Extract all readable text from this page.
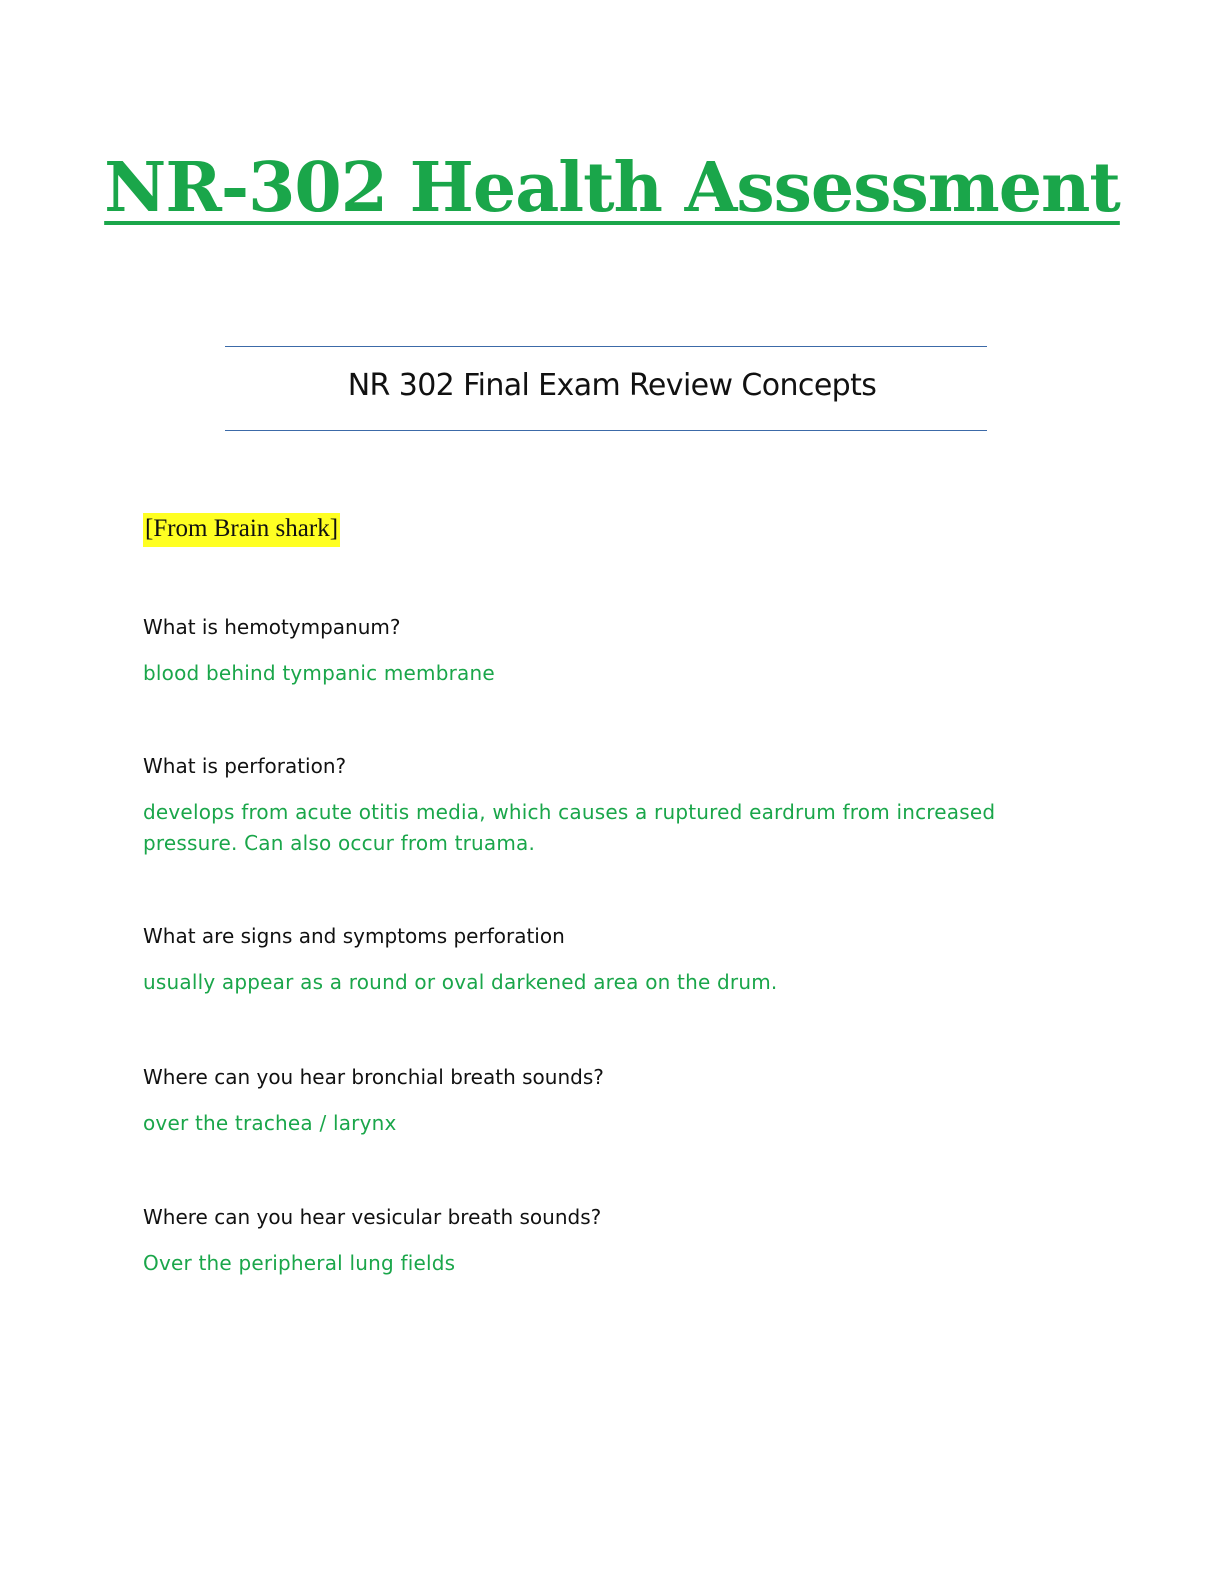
NR-302 Health Assessment
NR 302 Final Exam Review Concepts
[From Brain shark]

What is hemotympanum?

blood behind tympanic membrane

What is perforation?

develops from acute otitis media, which causes a ruptured eardrum from increased pressure. Can also occur from truama.

What are signs and symptoms perforation

usually appear as a round or oval darkened area on the drum.

Where can you hear bronchial breath sounds?

over the trachea / larynx

Where can you hear vesicular breath sounds?

Over the peripheral lung fields
